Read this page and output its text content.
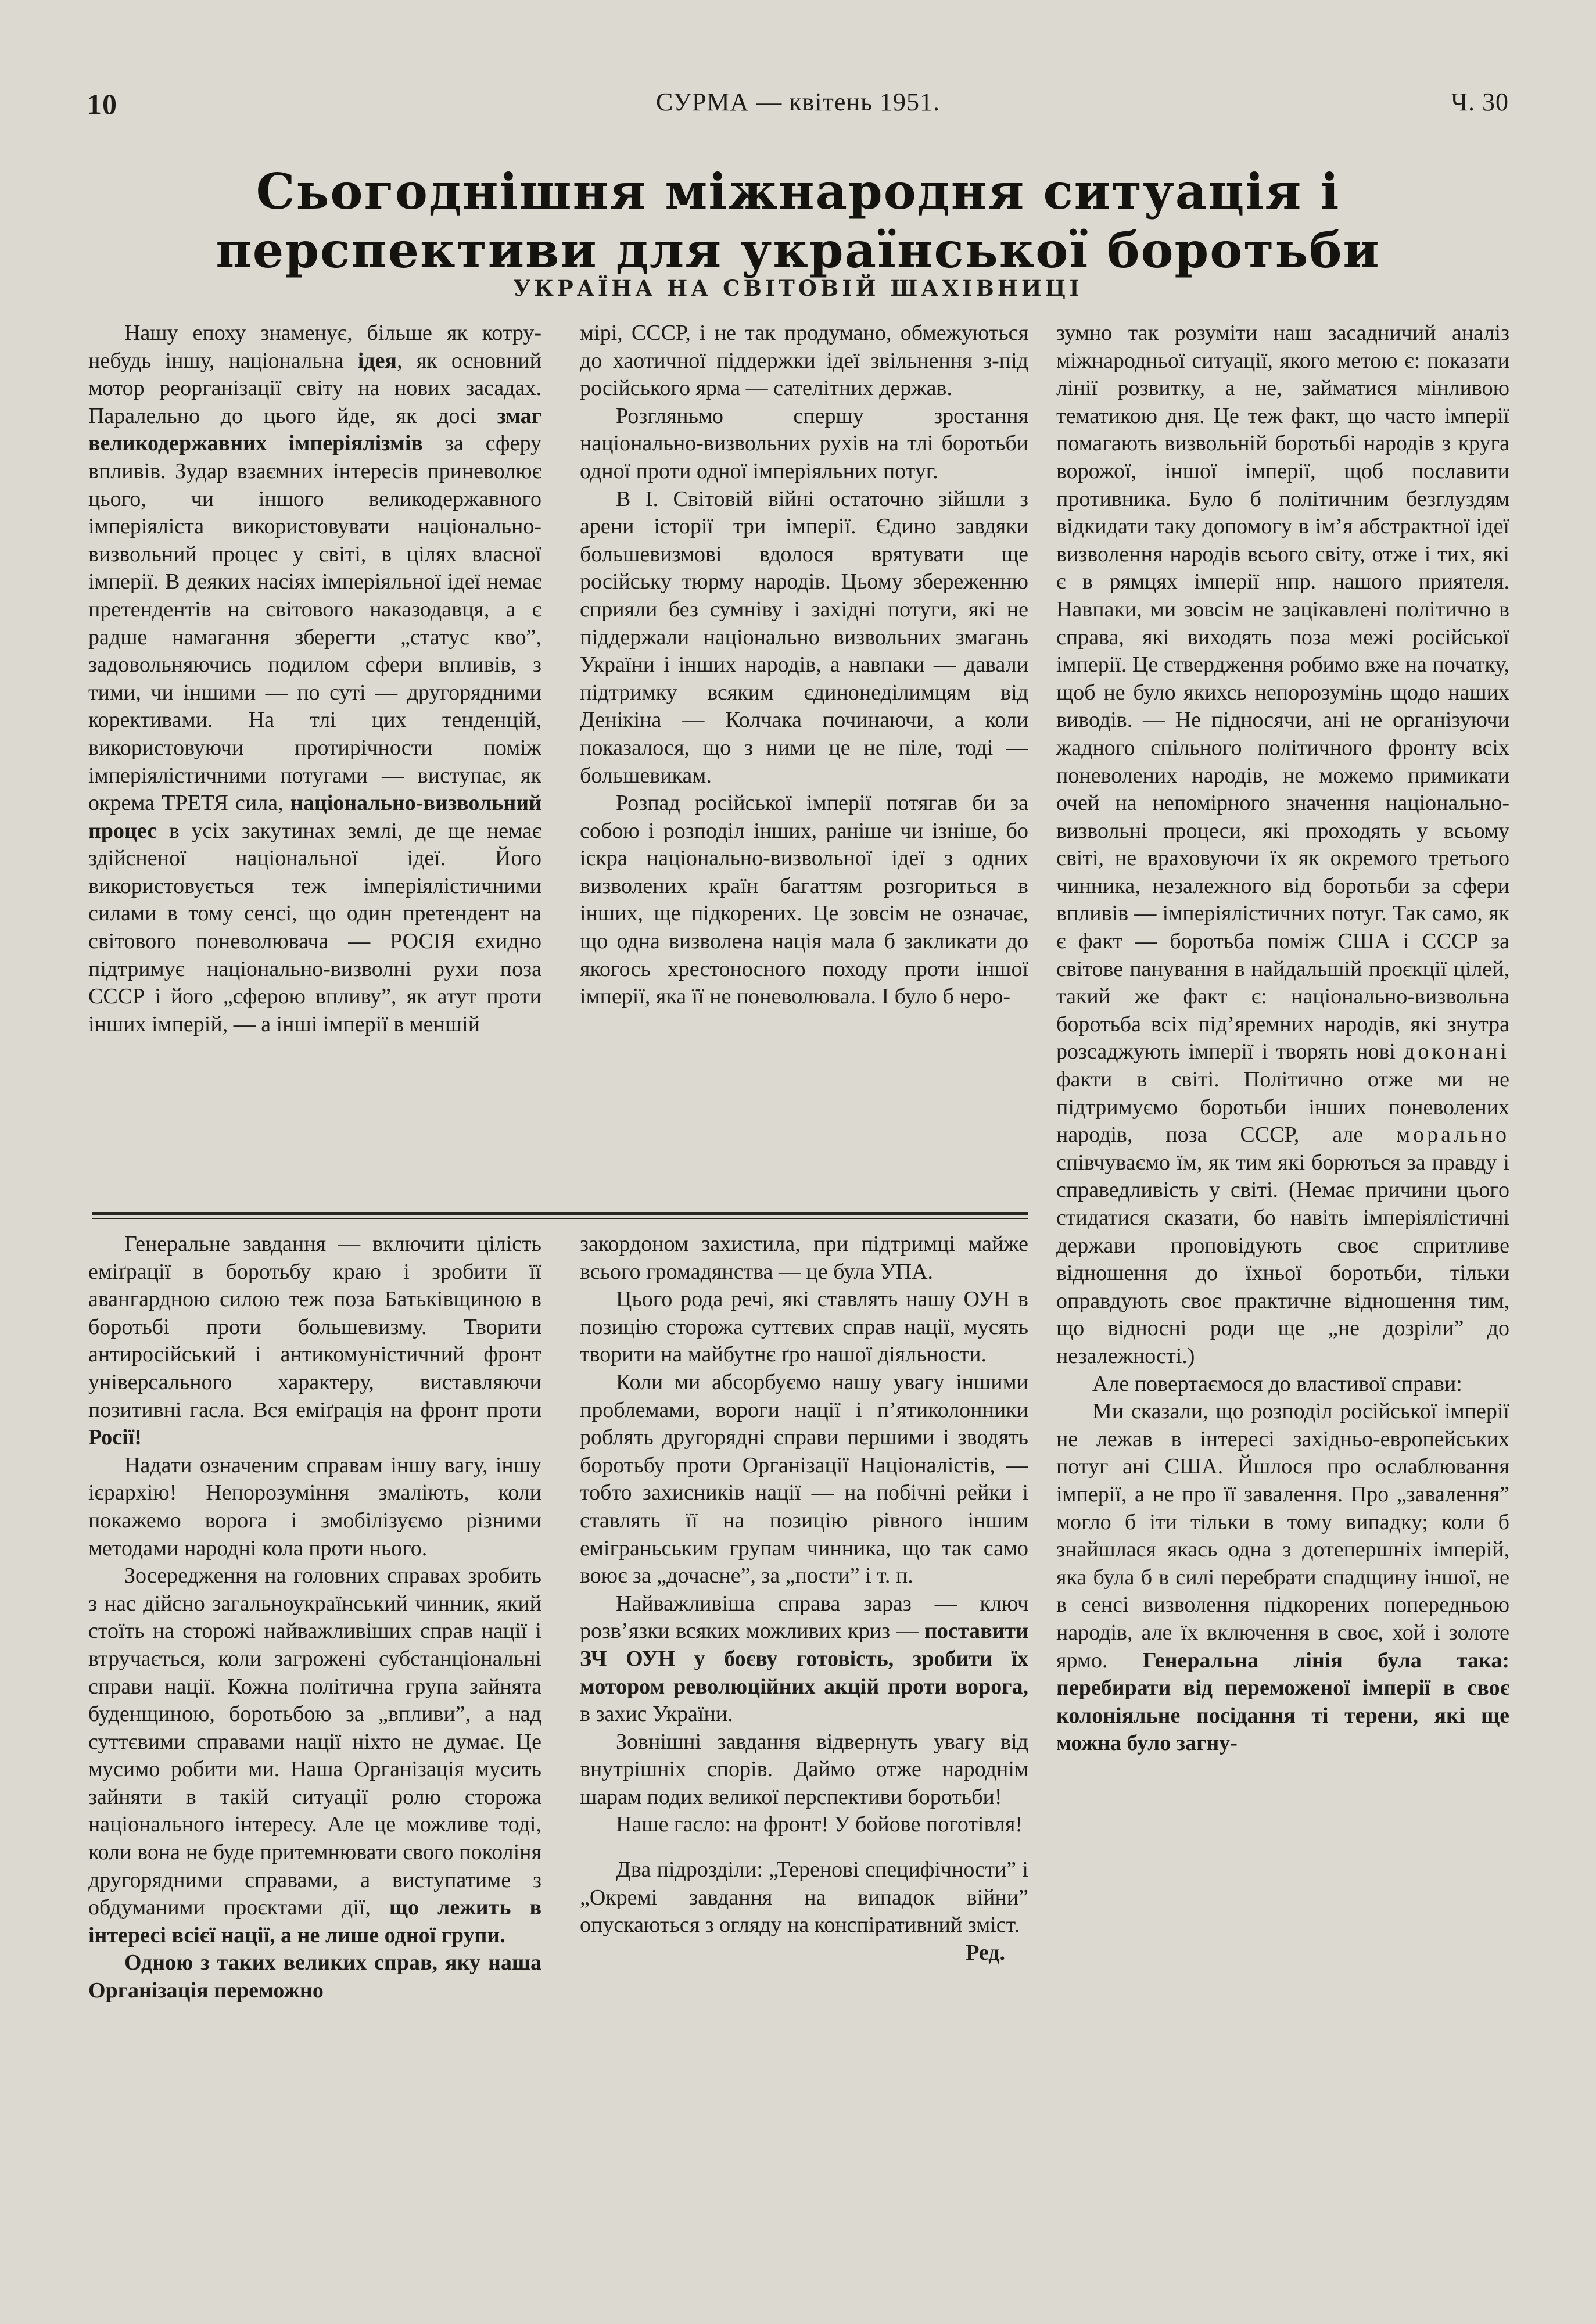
10	СУРМА — квітень 1951.	Ч. 30
Сьогоднішня міжнародня ситуація і перспективи для української боротьби
УКРАЇНА НА СВІТОВІЙ ШАХІВНИЦІ

Нашу епоху знаменує, більше як котру-небудь іншу, національна ідея, як основний мотор реорганізації світу на нових засадах. Паралельно до цього йде, як досі змаг великодержавних імперіялізмів за сферу впливів. Зудар взаємних інтересів приневолює цього, чи іншого великодержавного імперіяліста використовувати національно-визвольний процес у світі, в цілях власної імперії. В деяких насіях імперіяльної ідеї немає претендентів на світового наказодавця, а є радше намагання зберегти „статус кво”, задовольняючись подилом сфери впливів, з тими, чи іншими — по суті — другорядними корективами. На тлі цих тенденцій, використовуючи протирічности поміж імперіялістичними потугами — виступає, як окрема ТРЕТЯ сила, національно-визвольний процес в усіх закутинах землі, де ще немає здійсненої національної ідеї. Його використовується теж імперіялістичними силами в тому сенсі, що один претендент на світового поневолювача — РОСІЯ єхидно підтримує національно-визволні рухи поза СССР і його „сферою впливу”, як атут проти інших імперій, — а інші імперії в меншій

мірі, СССР, і не так продумано, обмежуються до хаотичної піддержки ідеї звільнення з-під російського ярма — сателітних держав.

Розгляньмо спершу зростання національно-визвольних рухів на тлі боротьби одної проти одної імперіяльних потуг.

В І. Світовій війні остаточно зійшли з арени історії три імперії. Єдино завдяки большевизмові вдолося врятувати ще російську тюрму народів. Цьому збереженню сприяли без сумніву і західні потуги, які не піддержали національно визвольних змагань України і інших народів, а навпаки — давали підтримку всяким єдинонеділимцям від Денікіна — Колчака починаючи, а коли показалося, що з ними це не піле, тоді — большевикам.

Розпад російської імперії потягав би за собою і розподіл інших, раніше чи ізніше, бо іскра національно-визвольної ідеї з одних визволених країн багаттям розгориться в інших, ще підкорених. Це зовсім не означає, що одна визволена нація мала б закликати до якогось хрестоносного походу проти іншої імперії, яка її не поневолювала. І було б неро-

Генеральне завдання — включити цілість еміґрації в боротьбу краю і зробити її авангардною силою теж поза Батьківщиною в боротьбі проти большевизму. Творити антиросійський і антикомуністичний фронт універсального характеру, виставляючи позитивні гасла. Вся еміґрація на фронт проти Росії!

Надати означеним справам іншу вагу, іншу ієрархію! Непорозуміння змаліють, коли покажемо ворога і змобілізуємо різними методами народні кола проти нього.

Зосередження на головних справах зробить з нас дійсно загальноукраїнський чинник, який стоїть на сторожі найважливіших справ нації і втручається, коли загрожені субстанціональні справи нації. Кожна політична група зайнята буденщиною, боротьбою за „впливи”, а над суттєвими справами нації ніхто не думає. Це мусимо робити ми. Наша Організація мусить зайняти в такій ситуації ролю сторожа національного інтересу. Але це можливе тоді, коли вона не буде притемнювати свого поколіня другорядними справами, а виступатиме з обдуманими проєктами дії, що лежить в інтересі всієї нації, а не лише одної групи.

Одною з таких великих справ, яку наша Організація переможно

закордоном захистила, при підтримці майже всього громадянства — це була УПА.

Цього рода речі, які ставлять нашу ОУН в позицію сторожа суттєвих справ нації, мусять творити на майбутнє ґро нашої діяльности.

Коли ми абсорбуємо нашу увагу іншими проблемами, вороги нації і п’ятиколонники роблять другорядні справи першими і зводять боротьбу проти Організації Націоналістів, — тобто захисників нації — на побічні рейки і ставлять її на позицію рівного іншим еміграньським групам чинника, що так само воює за „дочасне”, за „пости” і т. п.

Найважливіша справа зараз — ключ розв’язки всяких можливих криз — поставити ЗЧ ОУН у боєву готовість, зробити їх мотором революційних акцій проти ворога, в захис України.

Зовнішні завдання відвернуть увагу від внутрішніх спорів. Даймо отже народнім шарам подих великої перспективи боротьби!

Наше гасло: на фронт! У бойове поготівля!

Два підрозділи: „Теренові специфічности” і „Окремі завдання на випадок війни” опускаються з огляду на конспіративний зміст.

Ред.

зумно так розуміти наш засадничий аналіз міжнародньої ситуації, якого метою є: показати лінії розвитку, а не, займатися мінливою тематикою дня. Це теж факт, що часто імперії помагають визвольній боротьбі народів з круга ворожої, іншої імперії, щоб пославити противника. Було б політичним безглуздям відкидати таку допомогу в ім’я абстрактної ідеї визволення народів всього світу, отже і тих, які є в рямцях імперії нпр. нашого приятеля. Навпаки, ми зовсім не зацікавлені політично в справа, які виходять поза межі російської імперії. Це ствердження робимо вже на початку, щоб не було якихсь непорозумінь щодо наших виводів. — Не підносячи, ані не організуючи жадного спільного політичного фронту всіх поневолених народів, не можемо примикати очей на непомірного значення національно-визвольні процеси, які проходять у всьому світі, не враховуючи їх як окремого третього чинника, незалежного від боротьби за сфери впливів — імперіялістичних потуг. Так само, як є факт — боротьба поміж США і СССР за світове панування в найдальшій проєкції цілей, такий же факт є: національно-визвольна боротьба всіх під’яремних народів, які знутра розсаджують імперії і творять нові доконані факти в світі. Політично отже ми не підтримуємо боротьби інших поневолених народів, поза СССР, але морально співчуваємо їм, як тим які борються за правду і справедливість у світі. (Немає причини цього стидатися сказати, бо навіть імперіялістичні держави проповідують своє спритливе відношення до їхньої боротьби, тільки оправдують своє практичне відношення тим, що відносні роди ще „не дозріли” до незалежності.)

Але повертаємося до властивої справи:

Ми сказали, що розподіл російської імперії не лежав в інтересі західньо-европейських потуг ані США. Йшлося про ослаблювання імперії, а не про її завалення. Про „завалення” могло б іти тільки в тому випадку; коли б знайшлася якась одна з дотепершніх імперій, яка була б в силі перебрати спадщину іншої, не в сенсі визволення підкорених попередньою народів, але їх включення в своє, хой і золоте ярмо. Генеральна лінія була така: перебирати від переможеної імперії в своє колоніяльне посідання ті терени, які ще можна було загну-
